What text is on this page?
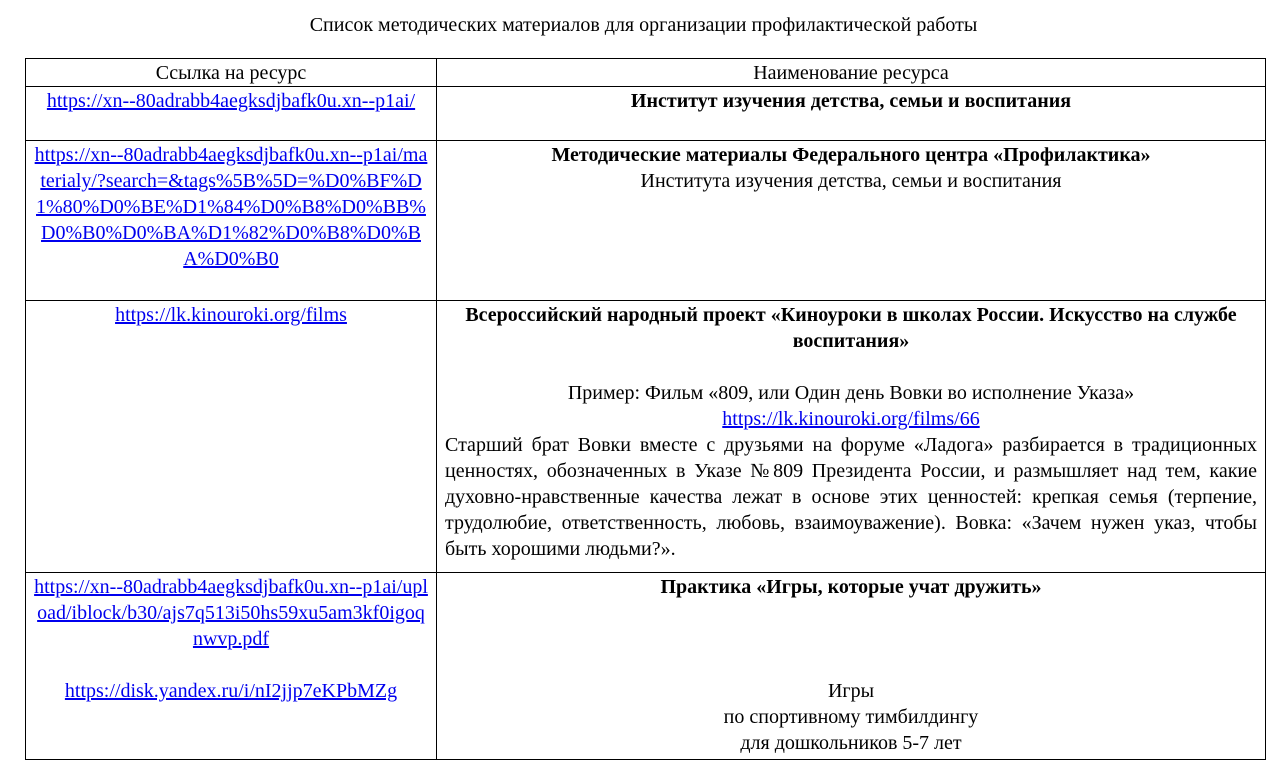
Список методических материалов для организации профилактической работы
Ссылка на ресурс	Наименование ресурса
https://xn--80adrabb4aegksdjbafk0u.xn--p1ai/	Институт изучения детства, семьи и воспитания

https://xn--80adrabb4aegksdjbafk0u.xn--p1ai/materialy/?search=&tags%5B%5D=%D0%BF%D1%80%D0%BE%D1%84%D0%B8%D0%BB%D0%B0%D0%BA%D1%82%D0%B8%D0%BA%D0%B0	Методические материалы Федерального центра «Профилактика»
Института изучения детства, семьи и воспитания

https://lk.kinouroki.org/films	Всероссийский народный проект «Киноуроки в школах России. Искусство на службе воспитания»
Пример: Фильм «809, или Один день Вовки во исполнение Указа»
https://lk.kinouroki.org/films/66
Старший брат Вовки вместе с друзьями на форуме «Ладога» разбирается в традиционных ценностях, обозначенных в Указе №809 Президента России, и размышляет над тем, какие духовно-нравственные качества лежат в основе этих ценностей: крепкая семья (терпение, трудолюбие, ответственность, любовь, взаимоуважение). Вовка: «Зачем нужен указ, чтобы быть хорошими людьми?».

https://xn--80adrabb4aegksdjbafk0u.xn--p1ai/upload/iblock/b30/ajs7q513i50hs59xu5am3kf0igoqnwvp.pdf
https://disk.yandex.ru/i/nI2jjp7eKPbMZg	Практика «Игры, которые учат дружить»
Игры
по спортивному тимбилдингу
для дошкольников 5-7 лет
